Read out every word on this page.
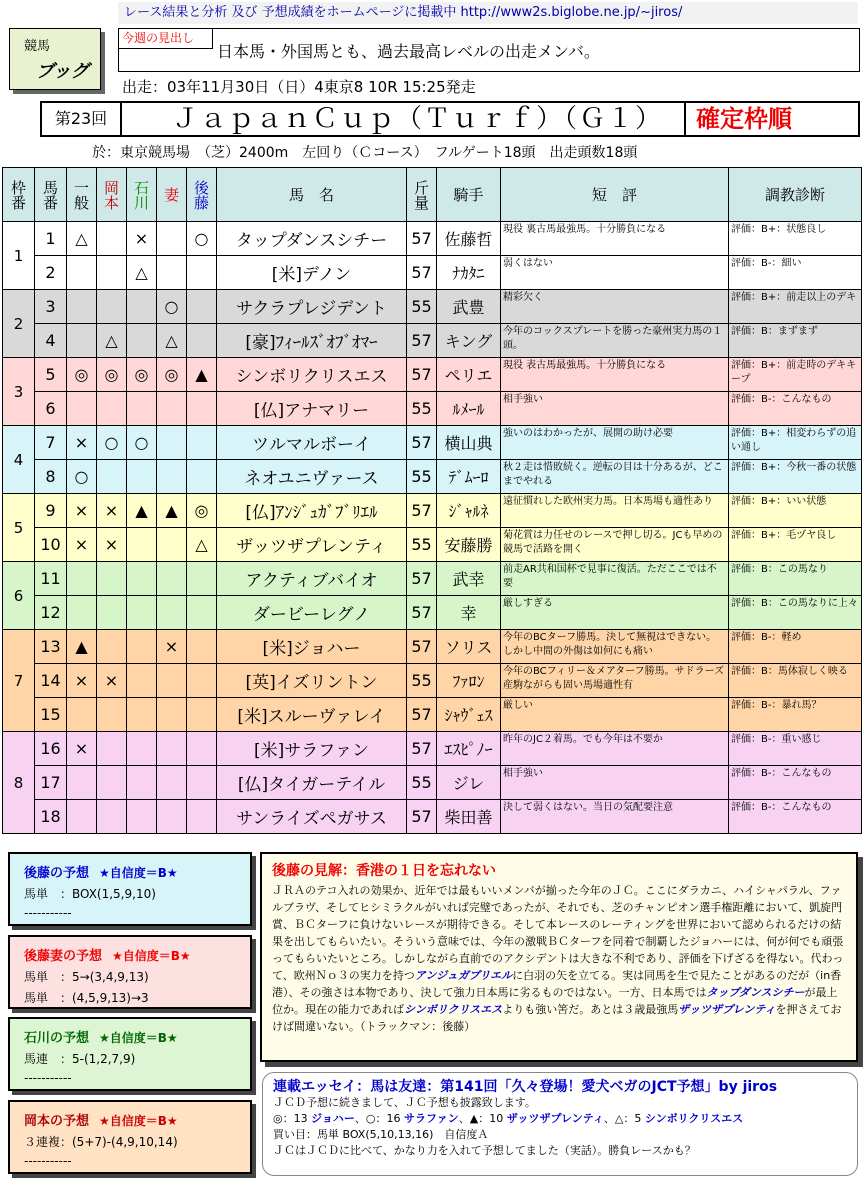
レース結果と分析 及び 予想成績をホームページに掲載中 http://www2s.biglobe.ne.jp/~jiros/
競馬
ブッグ
今週の見出し
日本馬・外国馬とも、過去最高レベルの出走メンバ。
出走：03年11月30日（日）4東京8 10R 15:25発走
第23回	ＪａｐａｎＣｕｐ（Ｔｕｒｆ）（Ｇ１）	確定枠順
於：東京競馬場　（芝）2400m　左回り（Ｃコース）　フルゲート18頭　出走頭数18頭
枠番	馬番	一般	岡本	石川	妻	後藤	馬　名	斤量	騎手	短　評	調教診断
1	1	△		×		○	タップダンスシチー	57	佐藤哲	現役 裏古馬最強馬。十分勝負になる	評価：B+：状態良し
	2			△			[米]デノン	57	ﾅｶﾀﾆ	弱くはない	評価：B-：細い
2	3				○		サクラプレジデント	55	武豊	精彩欠く	評価：B+：前走以上のデキ
	4		△		△		[豪]ﾌｨｰﾙｽﾞｵﾌﾞｵﾏｰ	57	キング	今年のコックスプレートを勝った豪州実力馬の１頭。	評価：B：まずまず
3	5	◎	◎	◎	◎	▲	シンボリクリスエス	57	ペリエ	現役 表古馬最強馬。十分勝負になる	評価：B+：前走時のデキキープ
	6						[仏]アナマリー	55	ﾙﾒｰﾙ	相手強い	評価：B-：こんなもの
4	7	×	○	○			ツルマルボーイ	57	横山典	強いのはわかったが、展開の助け必要	評価：B+：相変わらずの追い通し
	8	○					ネオユニヴァース	55	ﾃﾞﾑｰﾛ	秋２走は惜敗続く。逆転の目は十分あるが、どこまでやれる	評価：B+：今秋一番の状態
5	9	×	×	▲	▲	◎	[仏]ｱﾝｼﾞｭｶﾞﾌﾞﾘｴﾙ	57	ｼﾞｬﾙﾈ	遠征慣れした欧州実力馬。日本馬場も適性あり	評価：B+：いい状態
	10	×	×			△	ザッツザプレンティ	55	安藤勝	菊花賞は力任せのレースで押し切る。JCも早めの競馬で活路を開く	評価：B+：毛ヅヤ良し
6	11						アクティブバイオ	57	武幸	前走AR共和国杯で見事に復活。ただここでは不要	評価：B：この馬なり
	12						ダービーレグノ	57	幸	厳しすぎる	評価：B：この馬なりに上々
7	13	▲			×		[米]ジョハー	57	ソリス	今年のBCターフ勝馬。決して無視はできない。しかし中間の外傷は如何にも痛い	評価：B-：軽め
	14	×	×				[英]イズリントン	55	ﾌｧﾛﾝ	今年のBCフィリー＆メアターフ勝馬。サドラーズ産駒ながらも固い馬場適性有	評価：B：馬体寂しく映る
	15						[米]スルーヴァレイ	57	ｼｬｳﾞｪｽ	厳しい	評価：B-：暴れ馬？
8	16	×					[米]サラファン	57	ｴｽﾋﾟﾉｰ	昨年のJC２着馬。でも今年は不要か	評価：B-：重い感じ
	17						[仏]タイガーテイル	55	ジレ	相手強い	評価：B-：こんなもの
	18						サンライズペガサス	57	柴田善	決して弱くはない。当日の気配要注意	評価：B-：こんなもの
後藤の予想 ★自信度＝B★
馬単　：BOX(1,5,9,10)
-----------
後藤妻の予想 ★自信度＝B★
馬単　：5→(3,4,9,13)
馬単　：(4,5,9,13)→3
石川の予想 ★自信度＝B★
馬連　：5-(1,2,7,9)
-----------
岡本の予想 ★自信度＝B★
３連複：(5+7)-(4,9,10,14)
-----------
後藤の見解：香港の１日を忘れない
ＪＲＡのテコ入れの効果か、近年では最もいいメンバが揃った今年のＪＣ。ここにダラカニ、ハイシャパラル、ファルブラヴ、そしてヒシミラクルがいれば完璧であったが、それでも、芝のチャンピオン選手権距離において、凱旋門賞、ＢＣターフに負けないレースが期待できる。そして本レースのレーティングを世界において認められるだけの結果を出してもらいたい。そういう意味では、今年の激戦ＢＣターフを同着で制覇したジョハーには、何が何でも頑張ってもらいたいところ。しかしながら直前でのアクシデントは大きな不利であり、評価を下げざるを得ない。代わって、欧州Ｎｏ３の実力を持つアンジュガブリエルに白羽の矢を立てる。実は同馬を生で見たことがあるのだが（in香港）、その強さは本物であり、決して強力日本馬に劣るものではない。一方、日本馬ではタップダンスシチーが最上位か。現在の能力であればシンボリクリスエスよりも強い筈だ。あとは３歳最強馬ザッツザプレンティを押さえておけば間違いない。（トラックマン：後藤）
連載エッセイ：馬は友達：第141回「久々登場！愛犬ベガのJCT予想」by jiros
ＪＣＤ予想に続きまして、ＪＣ予想も披露致します。
◎：13 ジョハー、○：16 サラファン、▲：10 ザッツザプレンティ、△：5 シンボリクリスエス
買い目：馬単 BOX(5,10,13,16)　自信度Ａ
ＪＣはＪＣＤに比べて、かなり力を入れて予想してました（実話）。勝負レースかも？
